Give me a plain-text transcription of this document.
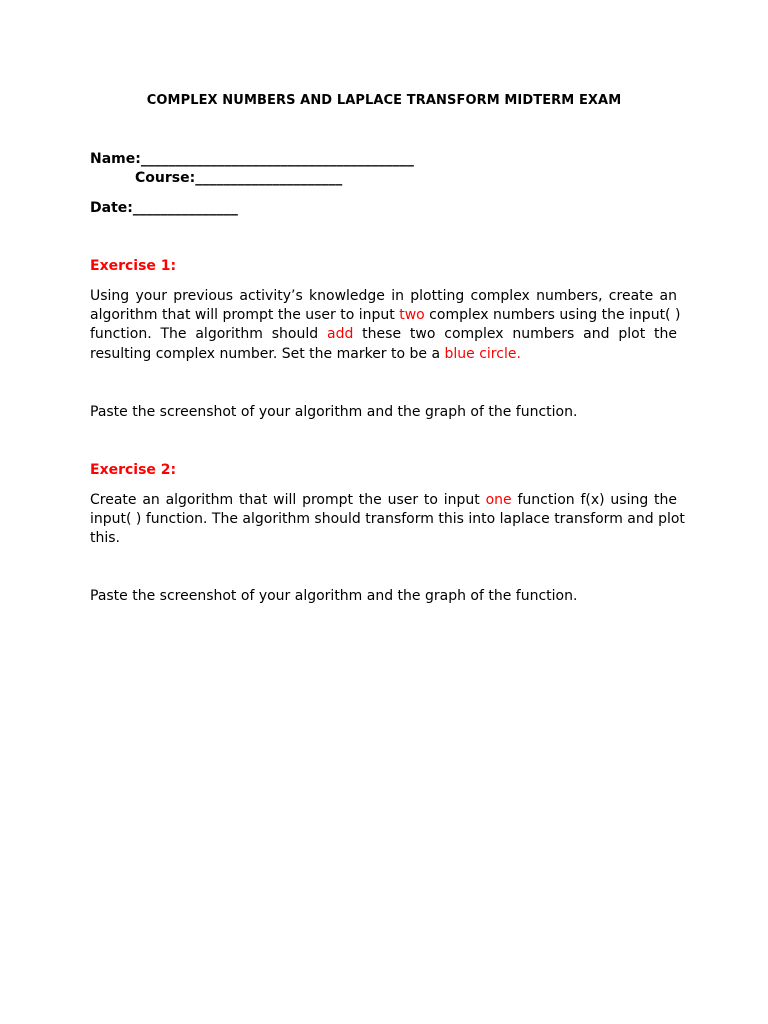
COMPLEX NUMBERS AND LAPLACE TRANSFORM MIDTERM EXAM
Name:_______________________________________
Course:_____________________
Date:_______________
Exercise 1:
Using your previous activity’s knowledge in plotting complex numbers, create an
algorithm that will prompt the user to input two complex numbers using the input( )
function. The algorithm should add these two complex numbers and plot the
resulting complex number. Set the marker to be a blue circle.
Paste the screenshot of your algorithm and the graph of the function.
Exercise 2:
Create an algorithm that will prompt the user to input one function f(x) using the
input( ) function. The algorithm should transform this into laplace transform and plot
this.
Paste the screenshot of your algorithm and the graph of the function.
